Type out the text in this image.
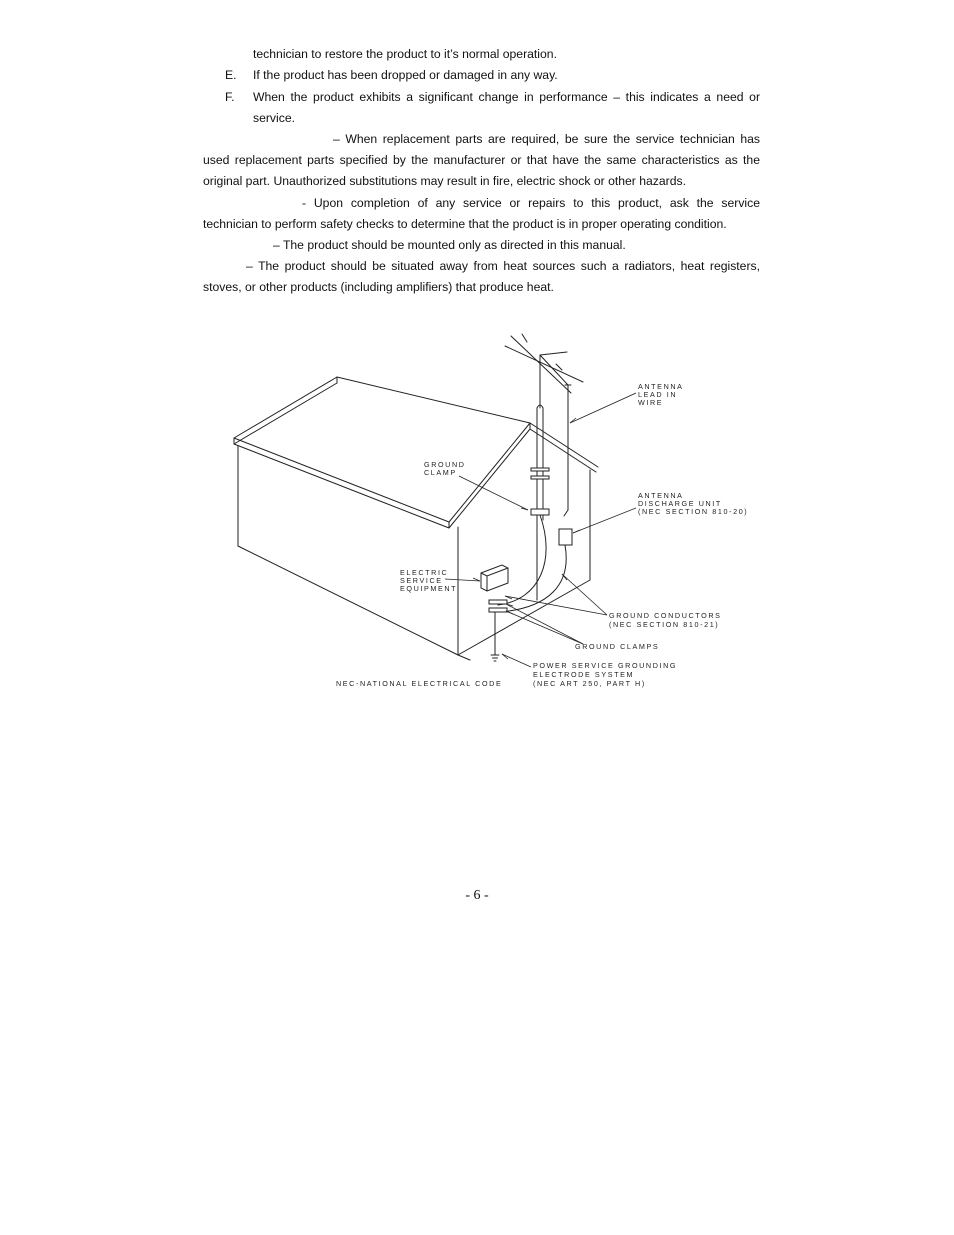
technician to restore the product to it’s normal operation.
E. If the product has been dropped or damaged in any way.
F. When the product exhibits a significant change in performance – this indicates a need or
service.
– When replacement parts are required, be sure the service technician has
used replacement parts specified by the manufacturer or that have the same characteristics as the
original part. Unauthorized substitutions may result in fire, electric shock or other hazards.
- Upon completion of any service or repairs to this product, ask the service
technician to perform safety checks to determine that the product is in proper operating condition.
– The product should be mounted only as directed in this manual.
– The product should be situated away from heat sources such a radiators, heat registers,
stoves, or other products (including amplifiers) that produce heat.
ANTENNA
LEAD IN
WIRE
GROUND
CLAMP
ANTENNA
DISCHARGE UNIT
(NEC SECTION 810-20)
ELECTRIC
SERVICE
EQUIPMENT
GROUND CONDUCTORS
(NEC SECTION 810-21)
GROUND CLAMPS
POWER SERVICE GROUNDING
ELECTRODE SYSTEM
(NEC ART 250, PART H)
NEC-NATIONAL ELECTRICAL CODE
- 6 -
